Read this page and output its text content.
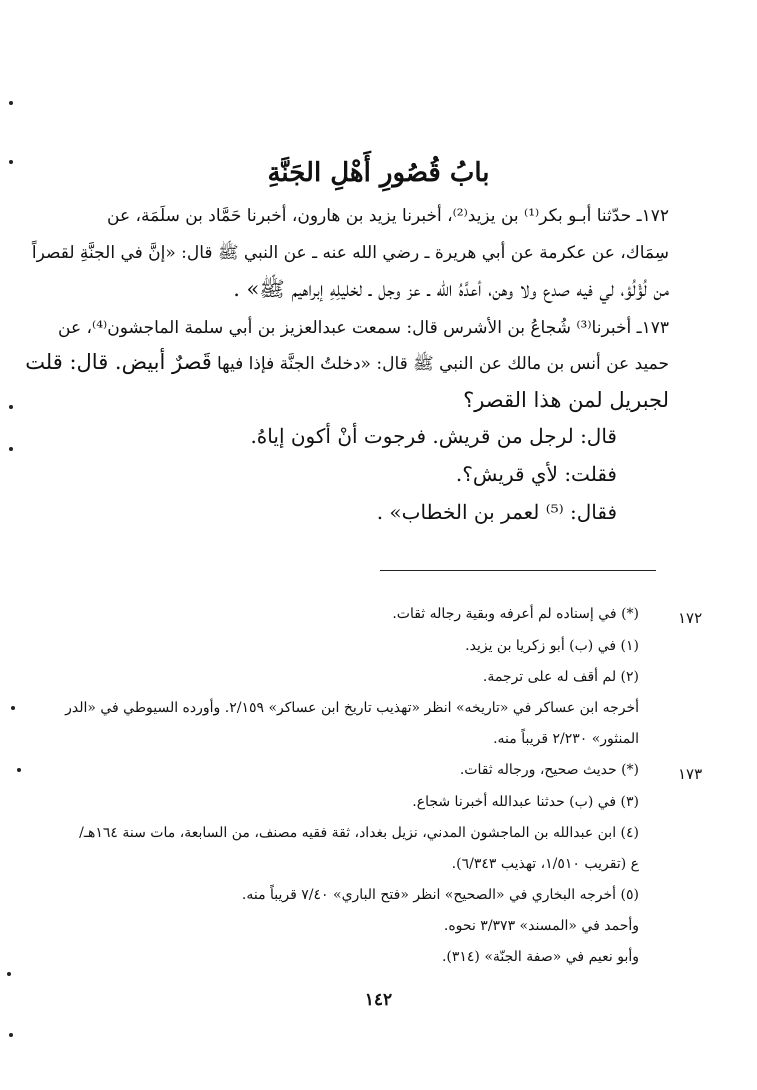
بابُ قُصُورِ أَهْلِ الجَنَّةِ
١٧٢ـ حدّثنا أبـو بكر⁽¹⁾ بن يزيد⁽²⁾، أخبرنا يزيد بن هارون، أخبرنا حَمَّاد بن سلَمَة، عن
سِمَاك، عن عكرمة عن أبي هريرة ـ رضي الله عنه ـ عن النبي ﷺ قال: «إنَّ في الجنَّةِ لقصراً
من لُؤْلُؤ، لي فيه صدع ولا وهن، أعدَّهُ الله ـ عز وجل ـ لخليلِهِ إبراهيم ﷺ» .
١٧٣ـ أخبرنا⁽³⁾ شُجاعُ بن الأشرس قال: سمعت عبدالعزيز بن أبي سلمة الماجشون⁽⁴⁾، عن
حميد عن أنس بن مالك عن النبي ﷺ قال: «دخلتُ الجنَّة فإذا فيها قَصرٌ أبيض. قال: قلت
لجبريل لمن هذا القصر؟
قال: لرجل من قريش. فرجوت أنْ أكون إياهُ.
فقلت: لأي قريش؟.
فقال: ⁽⁵⁾ لعمر بن الخطاب» .
١٧٢
(*) في إسناده لم أعرفه وبقية رجاله ثقات.
(١) في (ب) أبو زكريا بن يزيد.
(٢) لم أقف له على ترجمة.
أخرجه ابن عساكر في «تاريخه» انظر «تهذيب تاريخ ابن عساكر» ٢/١٥٩. وأورده السيوطي في «الدر
المنثور» ٢/٢٣٠ قريباً منه.
١٧٣
(*) حديث صحيح، ورجاله ثقات.
(٣) في (ب) حدثنا عبدالله أخبرنا شجاع.
(٤) ابن عبدالله بن الماجشون المدني، نزيل بغداد، ثقة فقيه مصنف، من السابعة، مات سنة ١٦٤هـ/
ع (تقريب ١/٥١٠، تهذيب ٦/٣٤٣).
(٥) أخرجه البخاري في «الصحيح» انظر «فتح الباري» ٧/٤٠ قريباً منه.
وأحمد في «المسند» ٣/٣٧٣ نحوه.
وأبو نعيم في «صفة الجنّة» (٣١٤).
١٤٢
